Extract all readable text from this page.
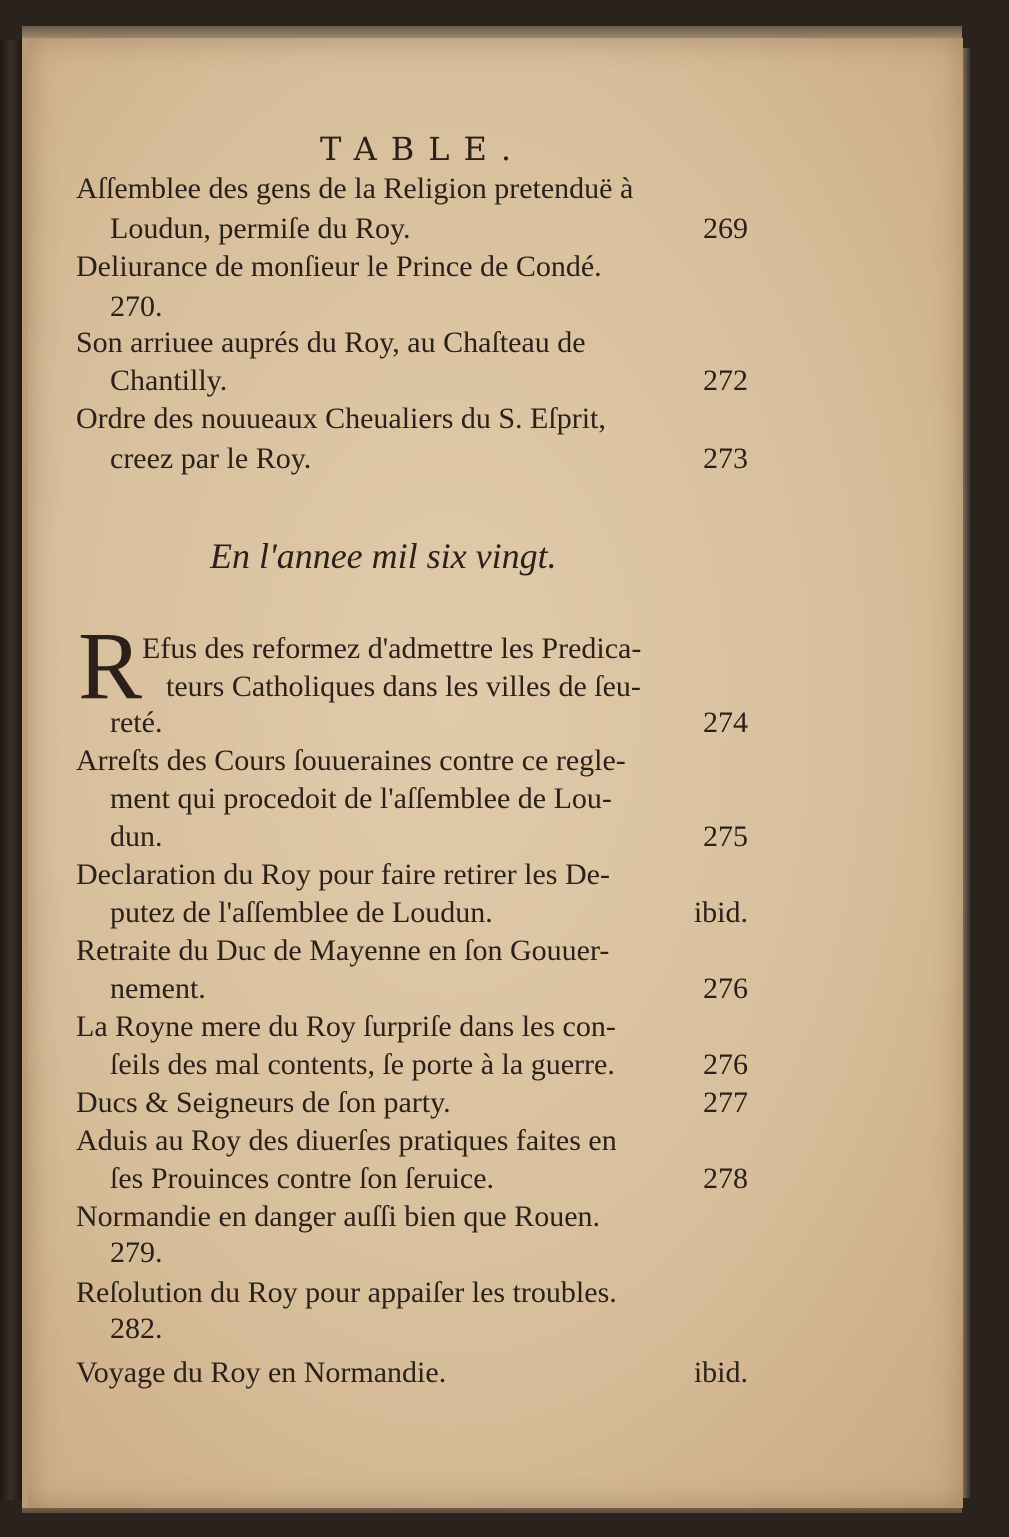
TABLE.
Aſſemblee des gens de la Religion pretenduë à
Loudun, permiſe du Roy.	269
Deliurance de monſieur le Prince de Condé.
270.
Son arriuee auprés du Roy, au Chaſteau de
Chantilly.	272
Ordre des nouueaux Cheualiers du S. Eſprit,
creez par le Roy.	273
En l'annee mil six vingt.
R Efus des reformez d'admettre les Predica-
teurs Catholiques dans les villes de ſeu-
reté.	274
Arreſts des Cours ſouueraines contre ce regle-
ment qui procedoit de l'aſſemblee de Lou-
dun.	275
Declaration du Roy pour faire retirer les De-
putez de l'aſſemblee de Loudun.	ibid.
Retraite du Duc de Mayenne en ſon Gouuer-
nement.	276
La Royne mere du Roy ſurpriſe dans les con-
ſeils des mal contents, ſe porte à la guerre.	276
Ducs & Seigneurs de ſon party.	277
Aduis au Roy des diuerſes pratiques faites en
ſes Prouinces contre ſon ſeruice.	278
Normandie en danger auſſi bien que Rouen.
279.
Reſolution du Roy pour appaiſer les troubles.
282.
Voyage du Roy en Normandie.	ibid.
